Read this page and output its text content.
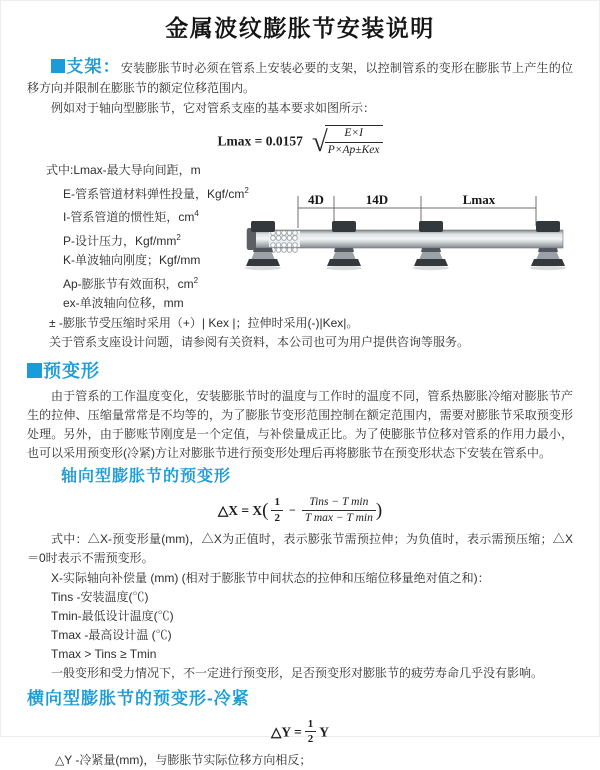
金属波纹膨胀节安装说明

支架：安装膨胀节时必须在管系上安装必要的支架，以控制管系的变形在膨胀节上产生的位移方向并限制在膨胀节的额定位移范围内。

例如对于轴向型膨胀节，它对管系支座的基本要求如图所示：

Lmax = 0.0157 √
$\frac{E\times I}{\text{P×Ap±Kex}}$
式中:Lmax-最大导向间距，m
E-管系管道材料弹性投量，Kgf/$cm^2$
I-管系管道的惯性矩，$cm^4$
P-设计压力，Kgf/$mm^2$
K-单波轴向刚度；Kgf/mm
Ap-膨胀节有效面积，$cm^2$
ex-单波轴向位移，mm
± -膨胀节受压缩时采用（+）| Kex |；拉伸时采用(-)|Kex|。
关于管系支座设计问题，请参阅有关资料，本公司也可为用户提供咨询等服务。
4D	14D	Lmax
预变形

由于管系的工作温度变化，安装膨胀节时的温度与工作时的温度不同，管系热膨胀冷缩对膨胀节产生的拉伸、压缩量常常是不均等的，为了膨胀节变形范围控制在额定范围内，需要对膨胀节采取预变形处理。另外，由于膨账节刚度是一个定值，与补偿量成正比。为了使膨胀节位移对管系的作用力最小，也可以采用预变形(冷紧)方让对膨胀节进行预变形处理后再将膨胀节在预变形状态下安装在管系中。

轴向型膨胀节的预变形
△X = $X( \frac{1}{2} - \frac{\text{Tins − T min}}{\text{T max − T min}}$ )

式中：△X-预变形量(mm)，△X为正值时，表示膨张节需预拉伸；为负值时，表示需预压缩；△X＝0时表示不需预变形。

X-实际轴向补偿量 (mm) (相对于膨胀节中间状态的拉伸和压缩位移量绝对值之和)：
Tins -安装温度(℃)
Tmin-最低设计温度(℃)
Tmax -最高设计温 (℃)
Tmax > Tins ≥ Tmin
一般变形和受力情况下，不一定进行预变形，足否预变形对膨胀节的疲劳寿命几乎没有影响。
横向型膨胀节的预变形-冷紧
△Y = $\frac{1}{2}$ Y
△Y -冷紧量(mm)，与膨胀节实际位移方向相反；
